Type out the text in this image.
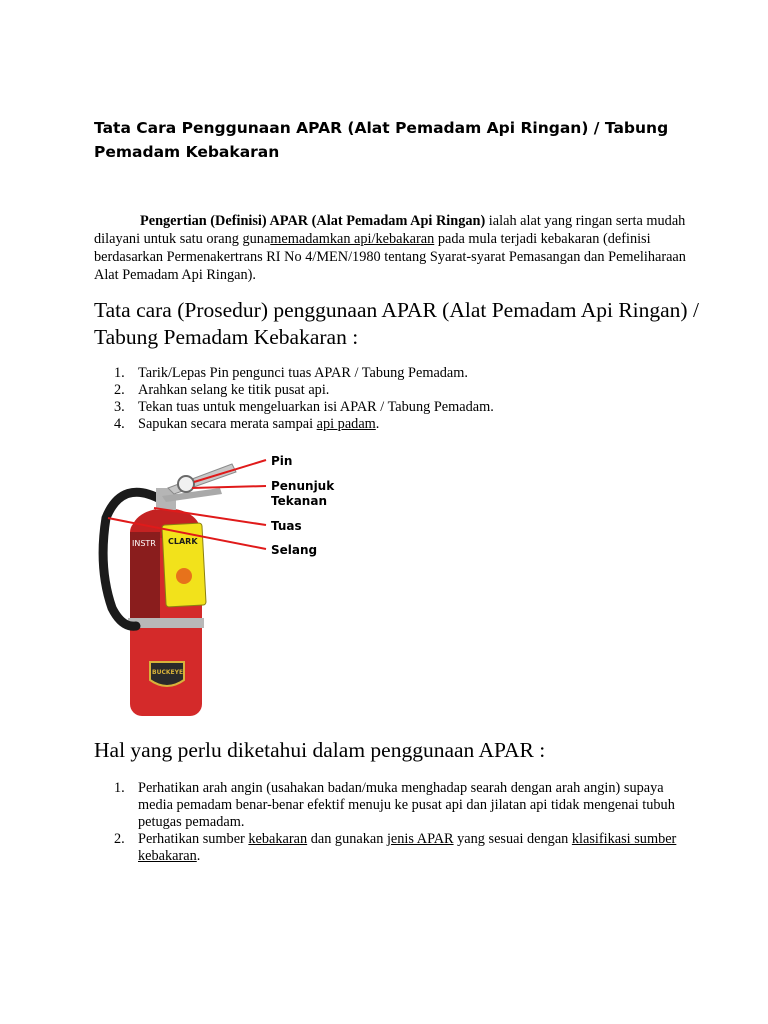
Tata Cara Penggunaan APAR (Alat Pemadam Api Ringan) / Tabung Pemadam Kebakaran

Pengertian (Definisi) APAR (Alat Pemadam Api Ringan) ialah alat yang ringan serta mudah dilayani untuk satu orang gunamemadamkan api/kebakaran pada mula terjadi kebakaran (definisi berdasarkan Permenakertrans RI No 4/MEN/1980 tentang Syarat-syarat Pemasangan dan Pemeliharaan Alat Pemadam Api Ringan).

Tata cara (Prosedur) penggunaan APAR (Alat Pemadam Api Ringan) / Tabung Pemadam Kebakaran :
1. Tarik/Lepas Pin pengunci tuas APAR / Tabung Pemadam.
2. Arahkan selang ke titik pusat api.
3. Tekan tuas untuk mengeluarkan isi APAR / Tabung Pemadam.
4. Sapukan secara merata sampai api padam.
INSTR CLARK
BUCKEYE
Pin
Penunjuk
Tekanan
Tuas
Selang
Hal yang perlu diketahui dalam penggunaan APAR :
1. Perhatikan arah angin (usahakan badan/muka menghadap searah dengan arah angin) supaya media pemadam benar-benar efektif menuju ke pusat api dan jilatan api tidak mengenai tubuh petugas pemadam.
2. Perhatikan sumber kebakaran dan gunakan jenis APAR yang sesuai dengan klasifikasi sumber kebakaran.
